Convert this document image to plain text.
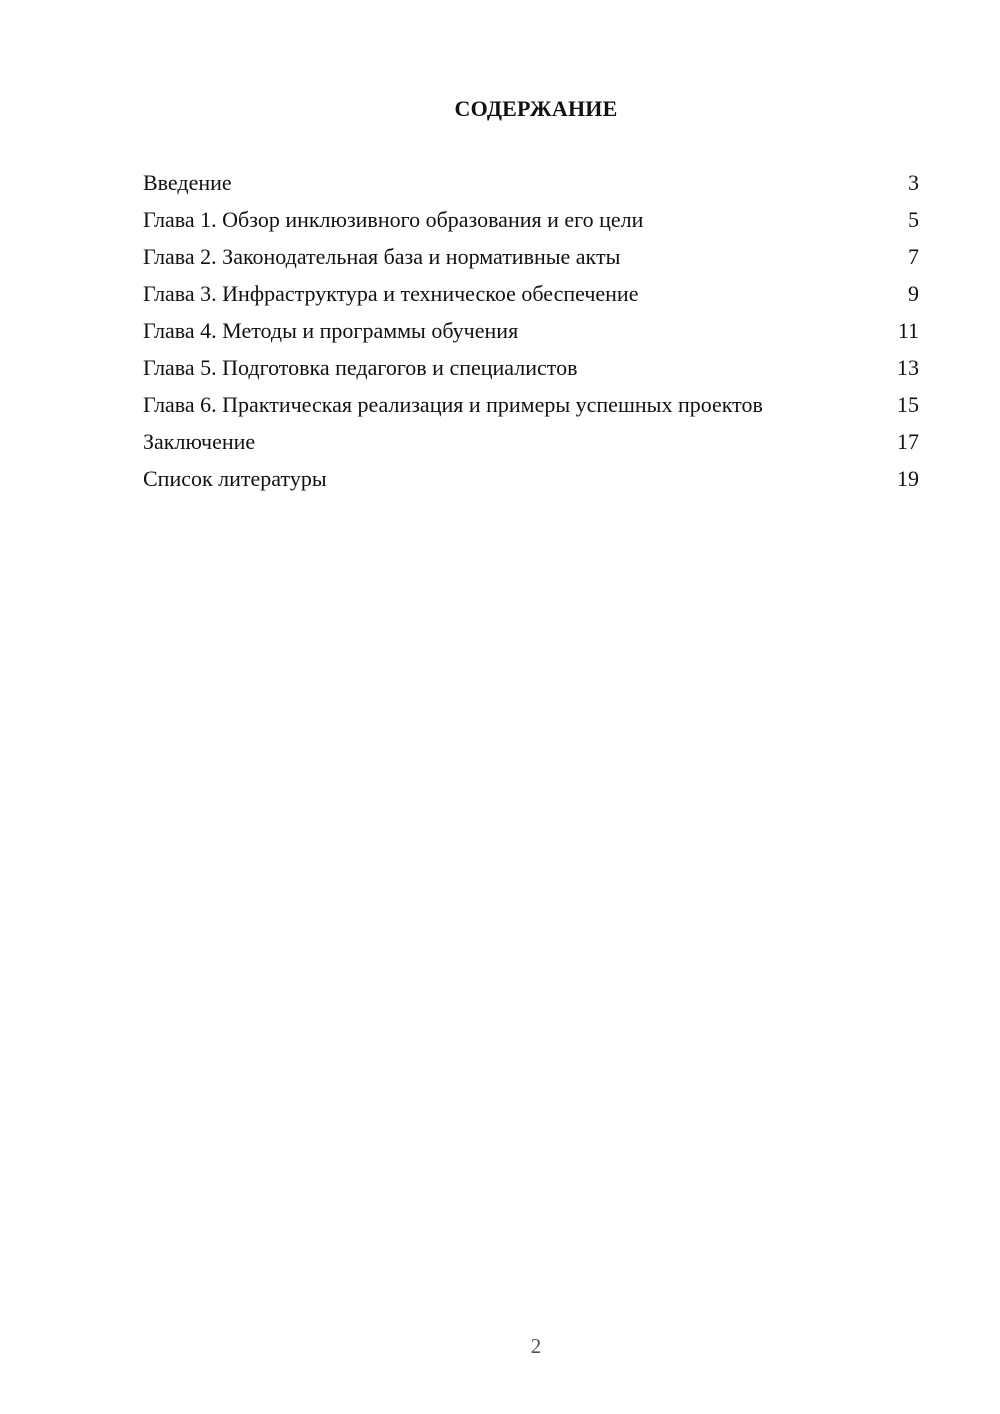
СОДЕРЖАНИЕ
Введение	3
Глава 1. Обзор инклюзивного образования и его цели	5
Глава 2. Законодательная база и нормативные акты	7
Глава 3. Инфраструктура и техническое обеспечение	9
Глава 4. Методы и программы обучения	11
Глава 5. Подготовка педагогов и специалистов	13
Глава 6. Практическая реализация и примеры успешных проектов	15
Заключение	17
Список литературы	19
2
